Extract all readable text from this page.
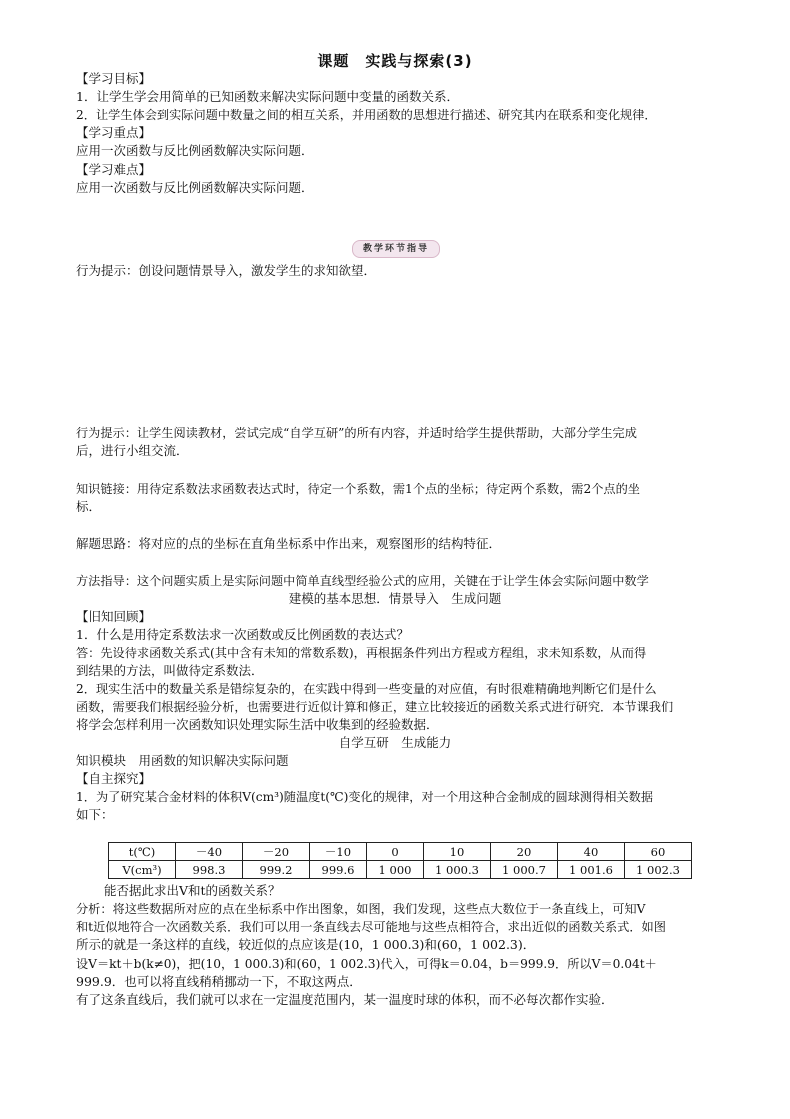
课题　实践与探索(3)
【学习目标】
1．让学生学会用简单的已知函数来解决实际问题中变量的函数关系．
2．让学生体会到实际问题中数量之间的相互关系，并用函数的思想进行描述、研究其内在联系和变化规律．
【学习重点】
应用一次函数与反比例函数解决实际问题．
【学习难点】
应用一次函数与反比例函数解决实际问题．
教学环节指导
行为提示：创设问题情景导入，激发学生的求知欲望．
行为提示：让学生阅读教材，尝试完成“自学互研”的所有内容，并适时给学生提供帮助，大部分学生完成
后，进行小组交流．
知识链接：用待定系数法求函数表达式时，待定一个系数，需1个点的坐标；待定两个系数，需2个点的坐
标．
解题思路：将对应的点的坐标在直角坐标系中作出来，观察图形的结构特征．
方法指导：这个问题实质上是实际问题中简单直线型经验公式的应用，关键在于让学生体会实际问题中数学
建模的基本思想．情景导入　生成问题
【旧知回顾】
1．什么是用待定系数法求一次函数或反比例函数的表达式？
答：先设待求函数关系式(其中含有未知的常数系数)，再根据条件列出方程或方程组，求未知系数，从而得
到结果的方法，叫做待定系数法．
2．现实生活中的数量关系是错综复杂的，在实践中得到一些变量的对应值，有时很难精确地判断它们是什么
函数，需要我们根据经验分析，也需要进行近似计算和修正，建立比较接近的函数关系式进行研究．本节课我们
将学会怎样利用一次函数知识处理实际生活中收集到的经验数据．
自学互研　生成能力
知识模块　用函数的知识解决实际问题
【自主探究】
1．为了研究某合金材料的体积V(cm³)随温度t(℃)变化的规律，对一个用这种合金制成的圆球测得相关数据
如下：
t(℃)	－40	－20	－10	0	10	20	40	60
V(cm³)	998.3	999.2	999.6	1 000	1 000.3	1 000.7	1 001.6	1 002.3
能否据此求出V和t的函数关系？
分析：将这些数据所对应的点在坐标系中作出图象，如图，我们发现，这些点大数位于一条直线上，可知V
和t近似地符合一次函数关系．我们可以用一条直线去尽可能地与这些点相符合，求出近似的函数关系式．如图
所示的就是一条这样的直线，较近似的点应该是(10，1 000.3)和(60，1 002.3)．
设V＝kt＋b(k≠0)，把(10，1 000.3)和(60，1 002.3)代入，可得k＝0.04，b＝999.9．所以V＝0.04t＋
999.9．也可以将直线稍稍挪动一下，不取这两点．
有了这条直线后，我们就可以求在一定温度范围内，某一温度时球的体积，而不必每次都作实验．
